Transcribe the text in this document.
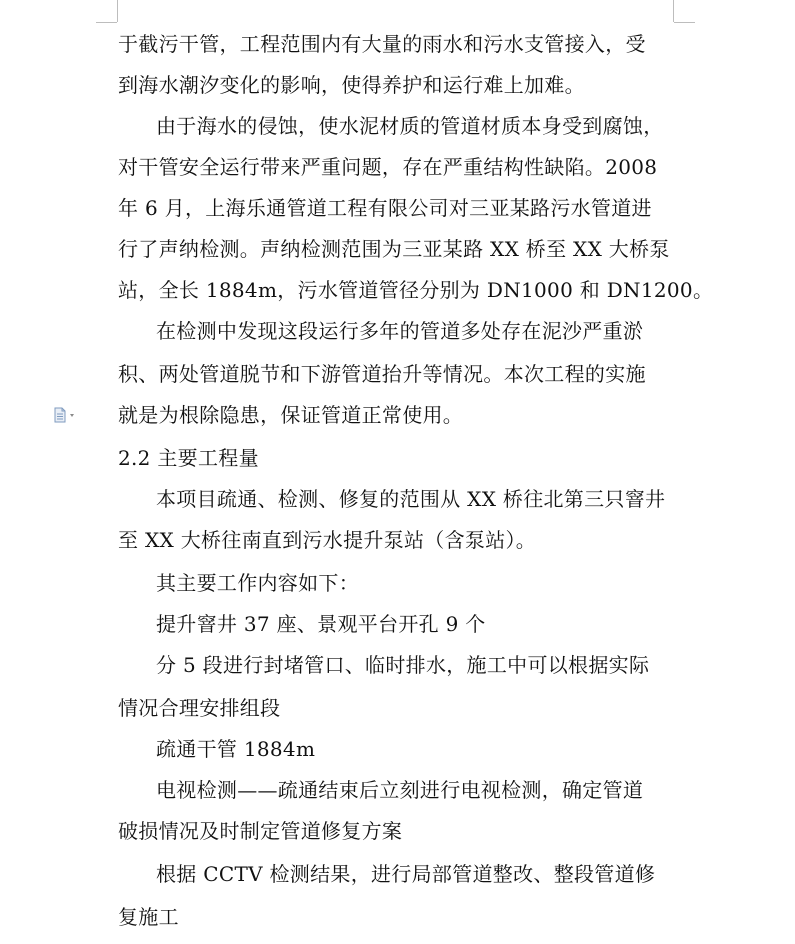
于截污干管，工程范围内有大量的雨水和污水支管接入，受
到海水潮汐变化的影响，使得养护和运行难上加难。
由于海水的侵蚀，使水泥材质的管道材质本身受到腐蚀，
对干管安全运行带来严重问题，存在严重结构性缺陷。2008
年 6 月，上海乐通管道工程有限公司对三亚某路污水管道进
行了声纳检测。声纳检测范围为三亚某路 XX 桥至 XX 大桥泵
站，全长 1884m，污水管道管径分别为 DN1000 和 DN1200。
在检测中发现这段运行多年的管道多处存在泥沙严重淤
积、两处管道脱节和下游管道抬升等情况。本次工程的实施
就是为根除隐患，保证管道正常使用。
2.2 主要工程量
本项目疏通、检测、修复的范围从 XX 桥往北第三只窨井
至 XX 大桥往南直到污水提升泵站（含泵站）。
其主要工作内容如下：
提升窨井 37 座、景观平台开孔 9 个
分 5 段进行封堵管口、临时排水，施工中可以根据实际
情况合理安排组段
疏通干管 1884m
电视检测——疏通结束后立刻进行电视检测，确定管道
破损情况及时制定管道修复方案
根据 CCTV 检测结果，进行局部管道整改、整段管道修
复施工
